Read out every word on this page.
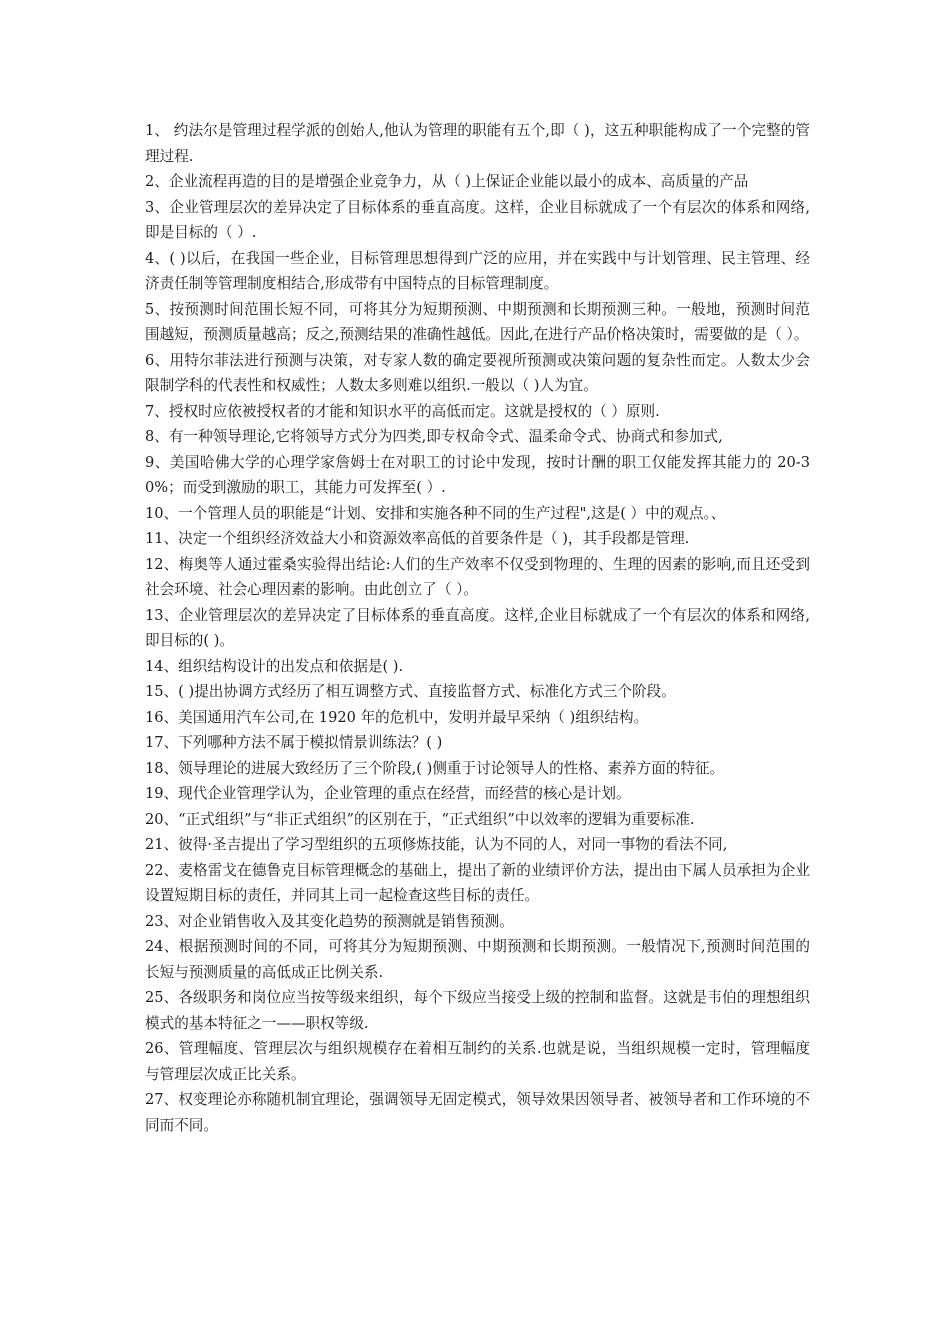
1、 约法尔是管理过程学派的创始人,他认为管理的职能有五个,即（ )，这五种职能构成了一个完整的管理过程.

2、企业流程再造的目的是增强企业竞争力，从（ )上保证企业能以最小的成本、高质量的产品

3、企业管理层次的差异决定了目标体系的垂直高度。这样，企业目标就成了一个有层次的体系和网络,即是目标的（ ）.

4、( )以后，在我国一些企业，目标管理思想得到广泛的应用，并在实践中与计划管理、民主管理、经济责任制等管理制度相结合,形成带有中国特点的目标管理制度。

5、按预测时间范围长短不同，可将其分为短期预测、中期预测和长期预测三种。一般地，预测时间范围越短，预测质量越高；反之,预测结果的准确性越低。因此,在进行产品价格决策时，需要做的是（ ）。

6、用特尔菲法进行预测与决策，对专家人数的确定要视所预测或决策问题的复杂性而定。人数太少会限制学科的代表性和权威性；人数太多则难以组织.一般以（ )人为宜。

7、授权时应依被授权者的才能和知识水平的高低而定。这就是授权的（ ）原则.

8、有一种领导理论,它将领导方式分为四类,即专权命令式、温柔命令式、协商式和参加式,

9、美国哈佛大学的心理学家詹姆士在对职工的讨论中发现，按时计酬的职工仅能发挥其能力的 20-30%；而受到激励的职工，其能力可发挥至( ）.

10、一个管理人员的职能是“计划、安排和实施各种不同的生产过程",这是( ）中的观点。、

11、决定一个组织经济效益大小和资源效率高低的首要条件是（ )，其手段都是管理.

12、梅奥等人通过霍桑实验得出结论:人们的生产效率不仅受到物理的、生理的因素的影响,而且还受到社会环境、社会心理因素的影响。由此创立了（ ）。

13、企业管理层次的差异决定了目标体系的垂直高度。这样,企业目标就成了一个有层次的体系和网络,即目标的( )。

14、组织结构设计的出发点和依据是( ).

15、( )提出协调方式经历了相互调整方式、直接监督方式、标准化方式三个阶段。

16、美国通用汽车公司,在 1920 年的危机中，发明并最早采纳（ )组织结构。

17、下列哪种方法不属于模拟情景训练法？( )

18、领导理论的进展大致经历了三个阶段,( )侧重于讨论领导人的性格、素养方面的特征。

19、现代企业管理学认为，企业管理的重点在经营，而经营的核心是计划。

20、“正式组织”与“非正式组织”的区别在于，“正式组织”中以效率的逻辑为重要标准.

21、彼得·圣吉提出了学习型组织的五项修炼技能，认为不同的人，对同一事物的看法不同,

22、麦格雷戈在德鲁克目标管理概念的基础上，提出了新的业绩评价方法，提出由下属人员承担为企业设置短期目标的责任，并同其上司一起检查这些目标的责任。

23、对企业销售收入及其变化趋势的预测就是销售预测。

24、根据预测时间的不同，可将其分为短期预测、中期预测和长期预测。一般情况下,预测时间范围的长短与预测质量的高低成正比例关系.

25、各级职务和岗位应当按等级来组织，每个下级应当接受上级的控制和监督。这就是韦伯的理想组织模式的基本特征之一——职权等级.

26、管理幅度、管理层次与组织规模存在着相互制约的关系.也就是说，当组织规模一定时，管理幅度与管理层次成正比关系。

27、权变理论亦称随机制宜理论，强调领导无固定模式，领导效果因领导者、被领导者和工作环境的不同而不同。
